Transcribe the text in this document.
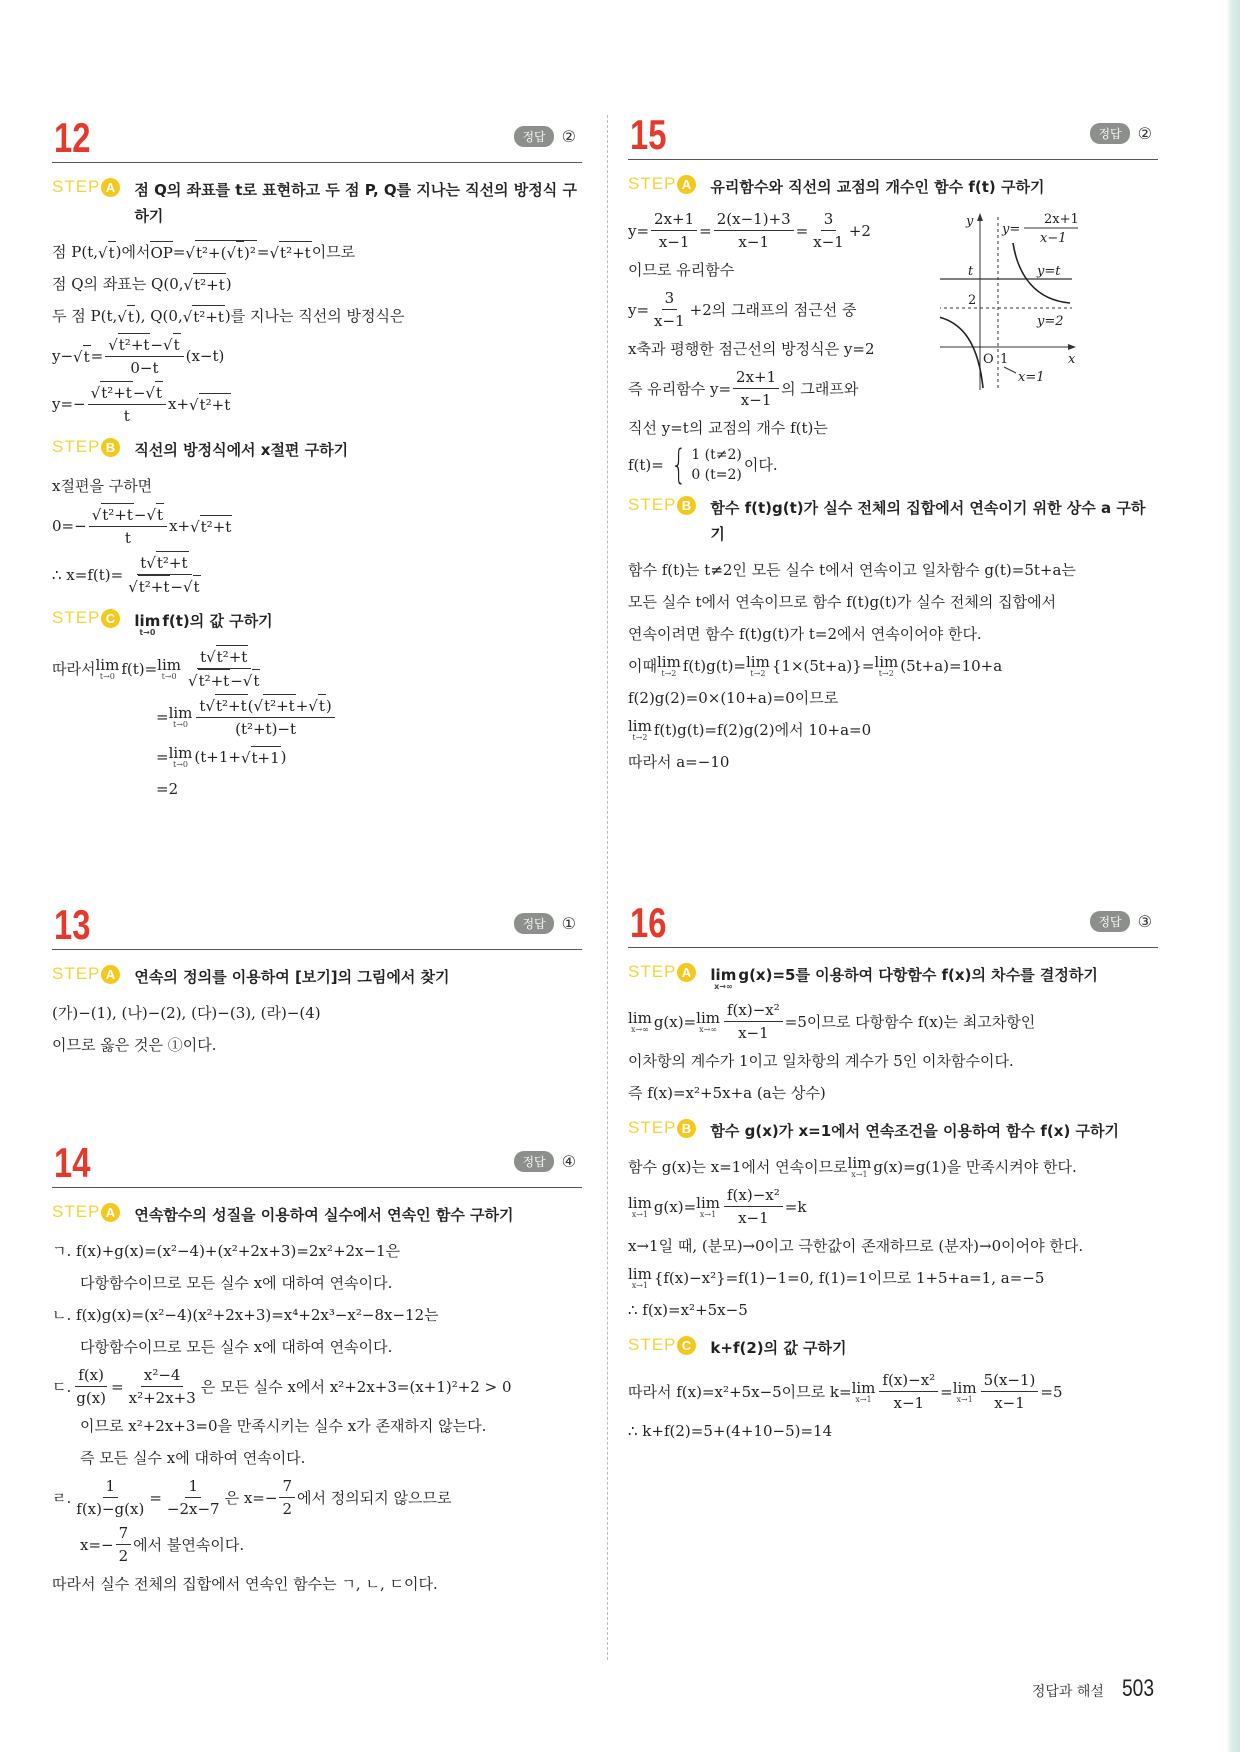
12	정답	②
STEP A 점 Q의 좌표를 t로 표현하고 두 점 P, Q를 지나는 직선의 방정식 구하기
점 P(t, √ t )에서 OP = √ t²+( √ t )² = √ t²+t 이므로
점 Q의 좌표는 Q(0, √ t²+t )
두 점 P(t, √ t ), Q(0, √ t²+t )를 지나는 직선의 방정식은
y− √ $t = \frac{\text{√ t²+t − √ t}}{0-t} (x-t)$
$y=- \frac{\text{√ t²+t − √ t}}{t} x+$ √ t²+t
STEP B 직선의 방정식에서 x절편 구하기
x절편을 구하면
$0=- \frac{\text{√ t²+t − √ t}}{t} x+$ √ t²+t
∴ $x=f(t)= \frac{\text{t √ t²+t}}{\text{√ t²+t − √ t}}$
STEP C lim
t→0
f(t)의 값 구하기
따라서 lim
t→0 f(t)= lim
$t\to 0 \frac{\text{t √ t²+t}}{\text{√ t²+t − √ t}}$
= lim
$t\to 0 \frac{\text{t √ t²+t ( √ t²+t + √ t )}}{\text{(t²+t)−t}}$
= lim
t→0 (t+1+ √ t+1 )
=2
13	정답	①
STEP A 연속의 정의를 이용하여 [보기]의 그림에서 찾기
(가)−(1), (나)−(2), (다)−(3), (라)−(4)
이므로 옳은 것은 ①이다.
14	정답	④
STEP A 연속함수의 성질을 이용하여 실수에서 연속인 함수 구하기
ㄱ. f(x)+g(x)=(x²−4)+(x²+2x+3)=2x²+2x−1은
다항함수이므로 모든 실수 x에 대하여 연속이다.
ㄴ. f(x)g(x)=(x²−4)(x²+2x+3)=x⁴+2x³−x²−8x−12는
다항함수이므로 모든 실수 x에 대하여 연속이다.
ㄷ. $\frac{f(x)}{g(x)} = \frac{\text{x²−4}}{\text{x²+2x+3}}$ 은 모든 실수 x에서 x²+2x+3=(x+1)²+2 > 0
이므로 x²+2x+3=0을 만족시키는 실수 x가 존재하지 않는다.
즉 모든 실수 x에 대하여 연속이다.
ㄹ. $\frac{1}{f(x)-g(x)} = \frac{1}{-2x-7}$ 은 $x=- \frac{7}{2}$ 에서 정의되지 않으므로
$x=- \frac{7}{2}$ 에서 불연속이다.
따라서 실수 전체의 집합에서 연속인 함수는 ㄱ, ㄴ, ㄷ이다.
15	정답	②
STEP A 유리함수와 직선의 교점의 개수인 함수 f(t) 구하기
$y= \frac{2x+1}{x-1} = \frac{2(x-1)+3}{x-1} = \frac{3}{x-1} +2$
이므로 유리함수
$y= \frac{3}{x-1} +2$의 그래프의 점근선 중
x축과 평행한 점근선의 방정식은 y=2
즉 유리함수 $y= \frac{2x+1}{x-1}$ 의 그래프와
직선 y=t의 교점의 개수 f(t)는
f(t)= { 1 (t≠2)
0 (t=2)
이다.
STEP B 함수 f(t)g(t)가 실수 전체의 집합에서 연속이기 위한 상수 a 구하기
함수 f(t)는 t≠2인 모든 실수 t에서 연속이고 일차함수 g(t)=5t+a는
모든 실수 t에서 연속이므로 함수 f(t)g(t)가 실수 전체의 집합에서
연속이려면 함수 f(t)g(t)가 t=2에서 연속이어야 한다.
이때 lim
t→2 f(t)g(t)= lim
t→2 {1×(5t+a)}= lim
t→2 (5t+a)=10+a
f(2)g(2)=0×(10+a)=0이므로
lim
t→2 f(t)g(t)=f(2)g(2)에서 10+a=0
따라서 a=−10
16	정답	③
STEP A lim
x→∞
g(x)=5를 이용하여 다항함수 f(x)의 차수를 결정하기
lim
x→∞ g(x)= lim
$x\to\infty \frac{\text{f(x)−x²}}{x-1} =5$이므로 다항함수 f(x)는 최고차항인
이차항의 계수가 1이고 일차항의 계수가 5인 이차함수이다.
즉 f(x)=x²+5x+a (a는 상수)
STEP B 함수 g(x)가 x=1에서 연속조건을 이용하여 함수 f(x) 구하기
함수 g(x)는 x=1에서 연속이므로 lim
x→1 g(x)=g(1)을 만족시켜야 한다.
lim
x→1 g(x)= lim
$x\to 1 \frac{\text{f(x)−x²}}{x-1} =k$
x→1일 때, (분모)→0이고 극한값이 존재하므로 (분자)→0이어야 한다.
lim
x→1 {f(x)−x²}=f(1)−1=0, f(1)=1이므로 1+5+a=1, a=−5
∴ f(x)=x²+5x−5
STEP C k+f(2)의 값 구하기
따라서 f(x)=x²+5x−5이므로 k= lim
$x\to 1 \frac{\text{f(x)−x²}}{x-1} = \lim$
$x\to 1 \frac{5(x-1)}{x-1} =5$
∴ k+f(2)=5+(4+10−5)=14
y
x
O 1
t
2
y=t
y=2
x=1
y=
2x+1
x−1
정답과 해설 503
